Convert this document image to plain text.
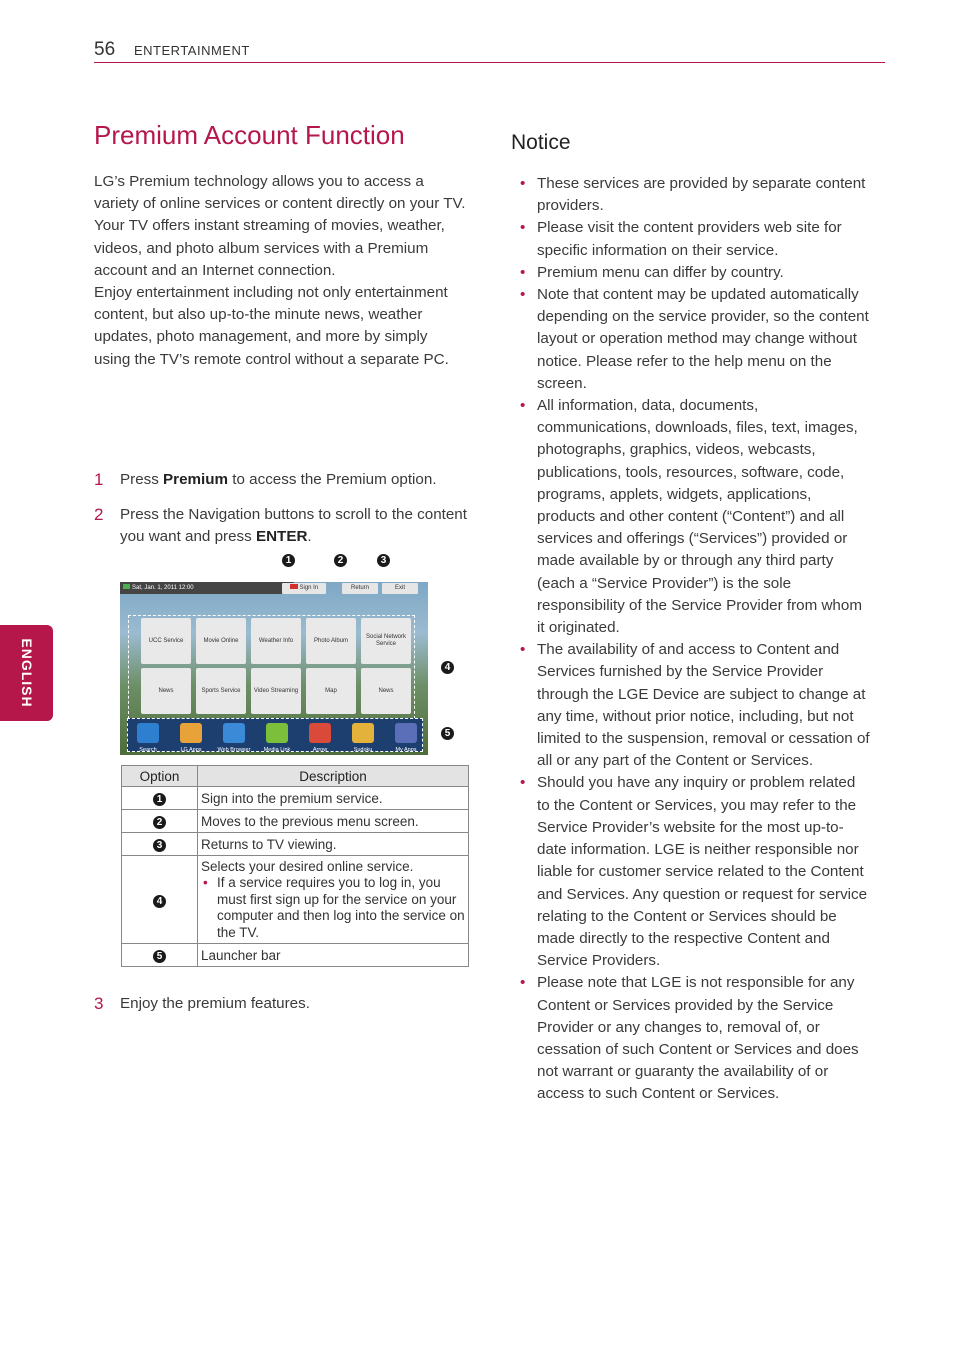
56 ENTERTAINMENT
ENGLISH
Premium Account Function
LG’s Premium technology allows you to access a variety of online services or content directly on your TV. Your TV offers instant streaming of movies, weather, videos, and photo album services with a Premium account and an Internet connection.
Enjoy entertainment including not only entertainment content, but also up-to-the minute news, weather updates, photo management, and more by simply using the TV’s remote control without a separate PC.
1 Press Premium to access the Premium option.
2 Press the Navigation buttons to scroll to the content you want and press ENTER.
1	2	3
4
5
Sat, Jan. 1, 2011 12:00	Sign In	Return	Exit
UCC Service	Movie Online	Weather Info	Photo Album
Social Network Service
News	Sports Service	Video Streaming	Map	News
Search	LG Apps	Web Browser	Media Link	Arrow	Sudoku	My Apps
Option	Description
1	Sign into the premium service.
2	Moves to the previous menu screen.
3	Returns to TV viewing.
4	Selects your desired online service.
• If a service requires you to log in, you must first sign up for the service on your computer and then log into the service on the TV.

5	Launcher bar
3 Enjoy the premium features.
Notice
• These services are provided by separate content providers.
• Please visit the content providers web site for specific information on their service.
• Premium menu can differ by country.
• Note that content may be updated automatically depending on the service provider, so the content layout or operation method may change without notice. Please refer to the help menu on the screen.
• All information, data, documents, communications, downloads, files, text, images, photographs, graphics, videos, webcasts, publications, tools, resources, software, code, programs, applets, widgets, applications, products and other content (“Content”) and all services and offerings (“Services”) provided or made available by or through any third party (each a “Service Provider”) is the sole responsibility of the Service Provider from whom it originated.
• The availability of and access to Content and Services furnished by the Service Provider through the LGE Device are subject to change at any time, without prior notice, including, but not limited to the suspension, removal or cessation of all or any part of the Content or Services.
• Should you have any inquiry or problem related to the Content or Services, you may refer to the Service Provider’s website for the most up-to-date information. LGE is neither responsible nor liable for customer service related to the Content and Services. Any question or request for service relating to the Content or Services should be made directly to the respective Content and Service Providers.
• Please note that LGE is not responsible for any Content or Services provided by the Service Provider or any changes to, removal of, or cessation of such Content or Services and does not warrant or guaranty the availability of or access to such Content or Services.
